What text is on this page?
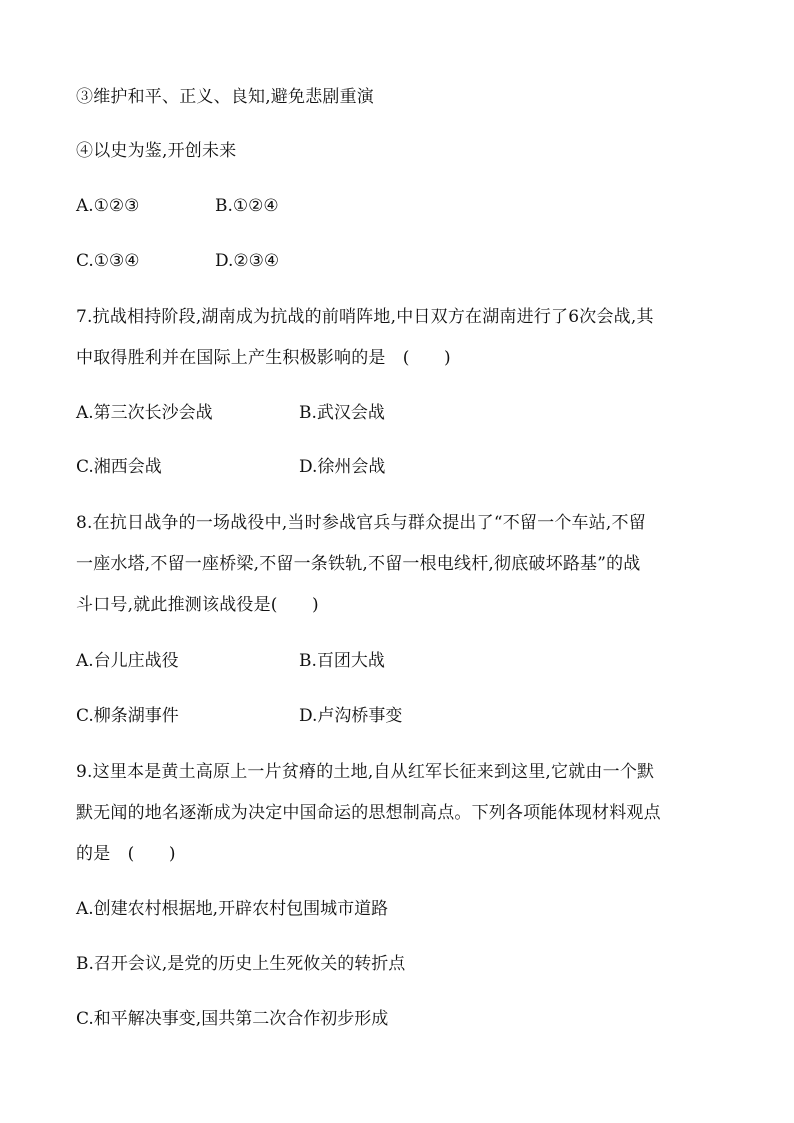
③维护和平、正义、良知,避免悲剧重演
④以史为鉴,开创未来
A.①②③	B.①②④
C.①③④	D.②③④
7.抗战相持阶段,湖南成为抗战的前哨阵地,中日双方在湖南进行了6次会战,其
中取得胜利并在国际上产生积极影响的是　(　　)
A.第三次长沙会战	B.武汉会战
C.湘西会战	D.徐州会战
8.在抗日战争的一场战役中,当时参战官兵与群众提出了“不留一个车站,不留
一座水塔,不留一座桥梁,不留一条铁轨,不留一根电线杆,彻底破坏路基”的战
斗口号,就此推测该战役是(　　)
A.台儿庄战役	B.百团大战
C.柳条湖事件	D.卢沟桥事变
9.这里本是黄土高原上一片贫瘠的土地,自从红军长征来到这里,它就由一个默
默无闻的地名逐渐成为决定中国命运的思想制高点。下列各项能体现材料观点
的是　(　　)
A.创建农村根据地,开辟农村包围城市道路
B.召开会议,是党的历史上生死攸关的转折点
C.和平解决事变,国共第二次合作初步形成
